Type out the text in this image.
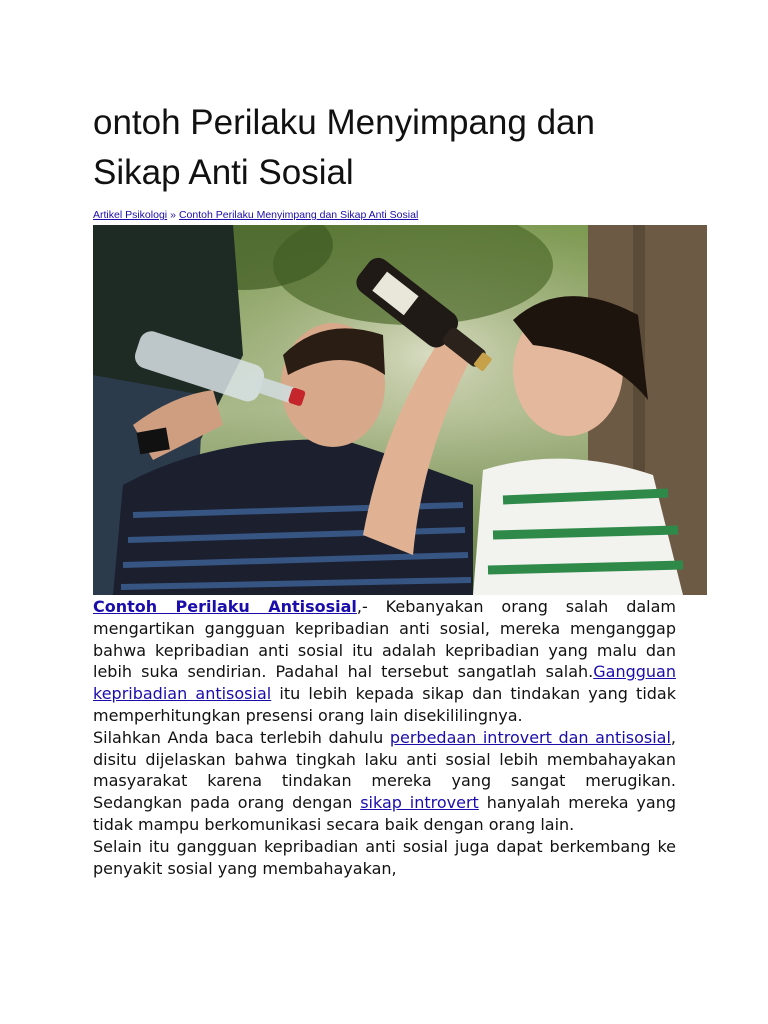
ontoh Perilaku Menyimpang dan Sikap Anti Sosial
Artikel Psikologi » Contoh Perilaku Menyimpang dan Sikap Anti Sosial

Contoh Perilaku Antisosial,- Kebanyakan orang salah dalam mengartikan gangguan kepribadian anti sosial, mereka menganggap bahwa kepribadian anti sosial itu adalah kepribadian yang malu dan lebih suka sendirian. Padahal hal tersebut sangatlah salah.Gangguan kepribadian antisosial itu lebih kepada sikap dan tindakan yang tidak memperhitungkan presensi orang lain disekililingnya.

Silahkan Anda baca terlebih dahulu perbedaan introvert dan antisosial, disitu dijelaskan bahwa tingkah laku anti sosial lebih membahayakan masyarakat karena tindakan mereka yang sangat merugikan. Sedangkan pada orang dengan sikap introvert hanyalah mereka yang tidak mampu berkomunikasi secara baik dengan orang lain.

Selain itu gangguan kepribadian anti sosial juga dapat berkembang ke penyakit sosial yang membahayakan,
